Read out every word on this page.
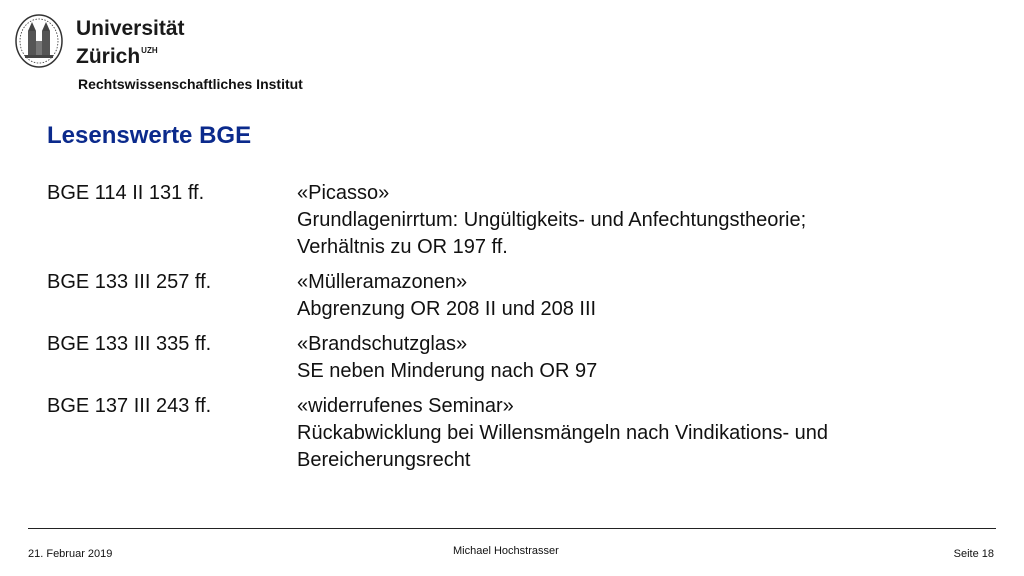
Universität
Zürich$^{UZH}$
Rechtswissenschaftliches Institut
Lesenswerte BGE
BGE 114 II 131 ff.	«Picasso»
Grundlagenirrtum: Ungültigkeits- und Anfechtungstheorie;
Verhältnis zu OR 197 ff.
BGE 133 III 257 ff.	«Mülleramazonen»
Abgrenzung OR 208 II und 208 III
BGE 133 III 335 ff.	«Brandschutzglas»
SE neben Minderung nach OR 97
BGE 137 III 243 ff.	«widerrufenes Seminar»
Rückabwicklung bei Willensmängeln nach Vindikations- und
Bereicherungsrecht
21. Februar 2019	Michael Hochstrasser	Seite 18
